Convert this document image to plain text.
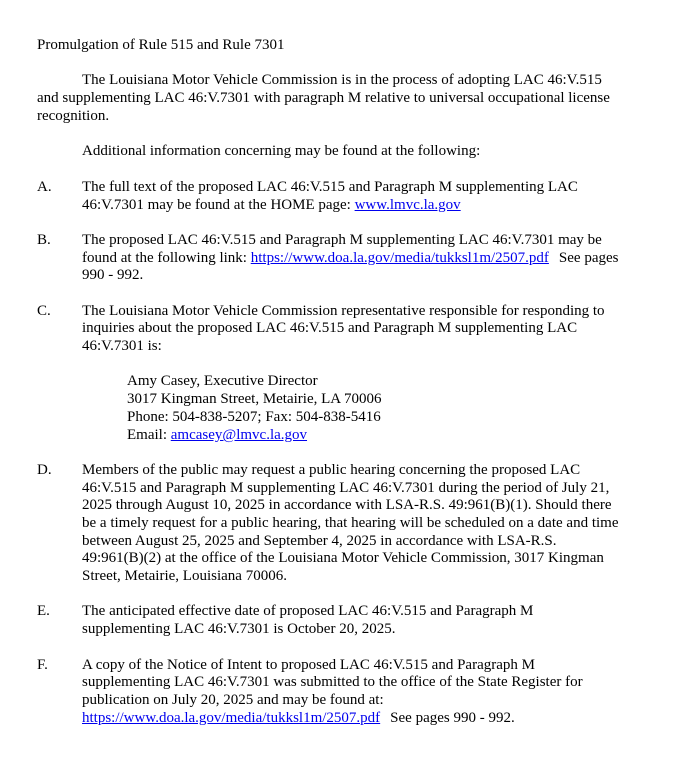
Promulgation of Rule 515 and Rule 7301
The Louisiana Motor Vehicle Commission is in the process of adopting LAC 46:V.515
and supplementing LAC 46:V.7301 with paragraph M relative to universal occupational license
recognition.
Additional information concerning may be found at the following:
A. The full text of the proposed LAC 46:V.515 and Paragraph M supplementing LAC
46:V.7301 may be found at the HOME page: www.lmvc.la.gov
B. The proposed LAC 46:V.515 and Paragraph M supplementing LAC 46:V.7301 may be
found at the following link: https://www.doa.la.gov/media/tukksl1m/2507.pdf See pages
990 - 992.
C. The Louisiana Motor Vehicle Commission representative responsible for responding to
inquiries about the proposed LAC 46:V.515 and Paragraph M supplementing LAC
46:V.7301 is:
Amy Casey, Executive Director
3017 Kingman Street, Metairie, LA 70006
Phone: 504-838-5207; Fax: 504-838-5416
Email: amcasey@lmvc.la.gov
D. Members of the public may request a public hearing concerning the proposed LAC
46:V.515 and Paragraph M supplementing LAC 46:V.7301 during the period of July 21,
2025 through August 10, 2025 in accordance with LSA-R.S. 49:961(B)(1). Should there
be a timely request for a public hearing, that hearing will be scheduled on a date and time
between August 25, 2025 and September 4, 2025 in accordance with LSA-R.S.
49:961(B)(2) at the office of the Louisiana Motor Vehicle Commission, 3017 Kingman
Street, Metairie, Louisiana 70006.
E. The anticipated effective date of proposed LAC 46:V.515 and Paragraph M
supplementing LAC 46:V.7301 is October 20, 2025.
F. A copy of the Notice of Intent to proposed LAC 46:V.515 and Paragraph M
supplementing LAC 46:V.7301 was submitted to the office of the State Register for
publication on July 20, 2025 and may be found at:
https://www.doa.la.gov/media/tukksl1m/2507.pdf See pages 990 - 992.
